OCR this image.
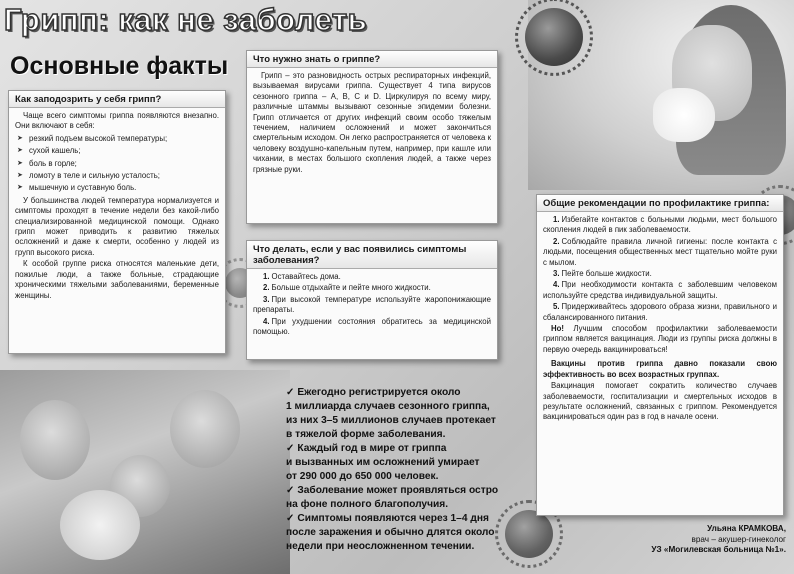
Грипп: как не заболеть
Основные факты
Как заподозрить у себя грипп?

Чаще всего симптомы гриппа появляются внезапно. Они включают в себя:

➤ резкий подъем высокой температуры;
➤ сухой кашель;
➤ боль в горле;
➤ ломоту в теле и сильную усталость;
➤ мышечную и суставную боль.

У большинства людей температура нормализуется и симптомы проходят в течение недели без какой-либо специализированной медицинской помощи. Однако грипп может приводить к развитию тяжелых осложнений и даже к смерти, особенно у людей из групп высокого риска.

К особой группе риска относятся маленькие дети, пожилые люди, а также больные, страдающие хроническими тяжелыми заболеваниями, беременные женщины.

Что нужно знать о гриппе?

Грипп – это разновидность острых респираторных инфекций, вызываемая вирусами гриппа. Существует 4 типа вирусов сезонного гриппа – А, В, С и D. Циркулируя по всему миру, различные штаммы вызывают сезонные эпидемии болезни. Грипп отличается от других инфекций своим особо тяжелым течением, наличием осложнений и может закончиться смертельным исходом. Он легко распространяется от человека к человеку воздушно-капельным путем, например, при кашле или чихании, в местах большого скопления людей, а также через грязные руки.

Что делать, если у вас появились симптомы заболевания?
1. Оставайтесь дома.
2. Больше отдыхайте и пейте много жидкости.
3. При высокой температуре используйте жаропонижающие препараты.
4. При ухудшении состояния обратитесь за медицинской помощью.
Общие рекомендации по профилактике гриппа:
1. Избегайте контактов с больными людьми, мест большого скопления людей в пик заболеваемости.
2. Соблюдайте правила личной гигиены: после контакта с людьми, посещения общественных мест тщательно мойте руки с мылом.
3. Пейте больше жидкости.
4. При необходимости контакта с заболевшим человеком используйте средства индивидуальной защиты.
5. Придерживайтесь здорового образа жизни, правильного и сбалансированного питания.

Но! Лучшим способом профилактики заболеваемости гриппом является вакцинация. Люди из группы риска должны в первую очередь вакцинироваться!

Вакцины против гриппа давно показали свою эффективность во всех возрастных группах.

Вакцинация помогает сократить количество случаев заболеваемости, госпитализации и смертельных исходов в результате осложнений, связанных с гриппом. Рекомендуется вакцинироваться один раз в год в начале осени.

✓ Ежегодно регистрируется около
1 миллиарда случаев сезонного гриппа,
из них 3–5 миллионов случаев протекает
в тяжелой форме заболевания.
✓ Каждый год в мире от гриппа
и вызванных им осложнений умирает
от 290 000 до 650 000 человек.
✓ Заболевание может проявляться остро
на фоне полного благополучия.
✓ Симптомы появляются через 1–4 дня
после заражения и обычно длятся около
недели при неосложненном течении.
Ульяна КРАМКОВА,
врач – акушер-гинеколог
УЗ «Могилевская больница №1».
